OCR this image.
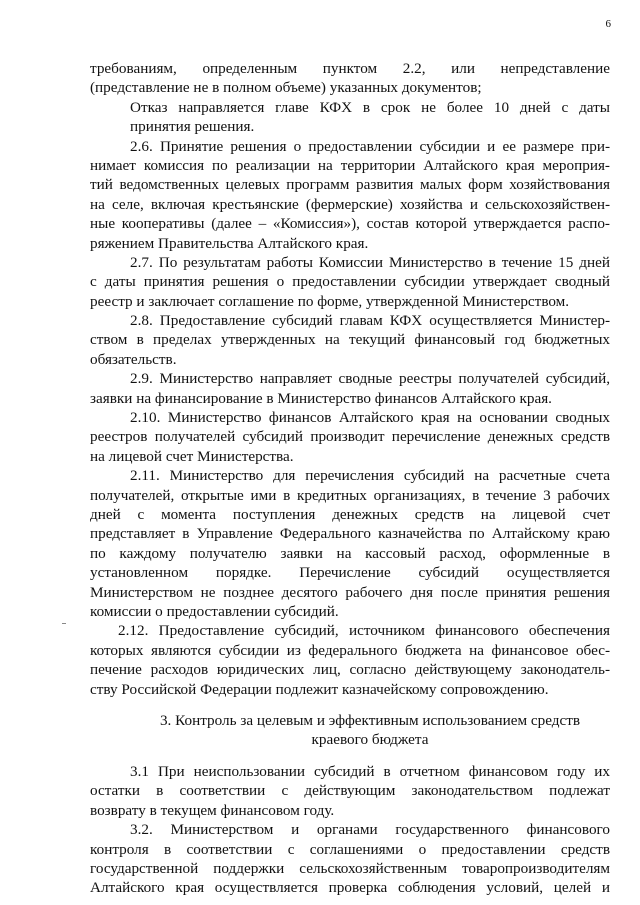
6
требованиям, определенным пунктом 2.2, или непредставление
(представление не в полном объеме) указанных документов;
Отказ направляется главе КФХ в срок не более 10 дней с даты
принятия решения.
2.6. Принятие решения о предоставлении субсидии и ее размере при-
нимает комиссия по реализации на территории Алтайского края мероприя-
тий ведомственных целевых программ развития малых форм хозяйствования
на селе, включая крестьянские (фермерские) хозяйства и сельскохозяйствен-
ные кооперативы (далее – «Комиссия»), состав которой утверждается распо-
ряжением Правительства Алтайского края.
2.7. По результатам работы Комиссии Министерство в течение 15 дней
с даты принятия решения о предоставлении субсидии утверждает сводный
реестр и заключает соглашение по форме, утвержденной Министерством.
2.8. Предоставление субсидий главам КФХ осуществляется Министер-
ством в пределах утвержденных на текущий финансовый год бюджетных
обязательств.
2.9. Министерство направляет сводные реестры получателей субсидий,
заявки на финансирование в Министерство финансов Алтайского края.
2.10. Министерство финансов Алтайского края на основании сводных
реестров получателей субсидий производит перечисление денежных средств
на лицевой счет Министерства.
2.11. Министерство для перечисления субсидий на расчетные счета
получателей, открытые ими в кредитных организациях, в течение 3 рабочих
дней с момента поступления денежных средств на лицевой счет
представляет в Управление Федерального казначейства по Алтайскому краю
по каждому получателю заявки на кассовый расход, оформленные в
установленном порядке. Перечисление субсидий осуществляется
Министерством не позднее десятого рабочего дня после принятия решения
комиссии о предоставлении субсидий.
2.12. Предоставление субсидий, источником финансового обеспечения
которых являются субсидии из федерального бюджета на финансовое обес-
печение расходов юридических лиц, согласно действующему законодатель-
ству Российской Федерации подлежит казначейскому сопровождению.
3. Контроль за целевым и эффективным использованием средств
краевого бюджета
3.1 При неиспользовании субсидий в отчетном финансовом году их
остатки в соответствии с действующим законодательством подлежат
возврату в текущем финансовом году.
3.2. Министерством и органами государственного финансового
контроля в соответствии с соглашениями о предоставлении средств
государственной поддержки сельскохозяйственным товаропроизводителям
Алтайского края осуществляется проверка соблюдения условий, целей и
